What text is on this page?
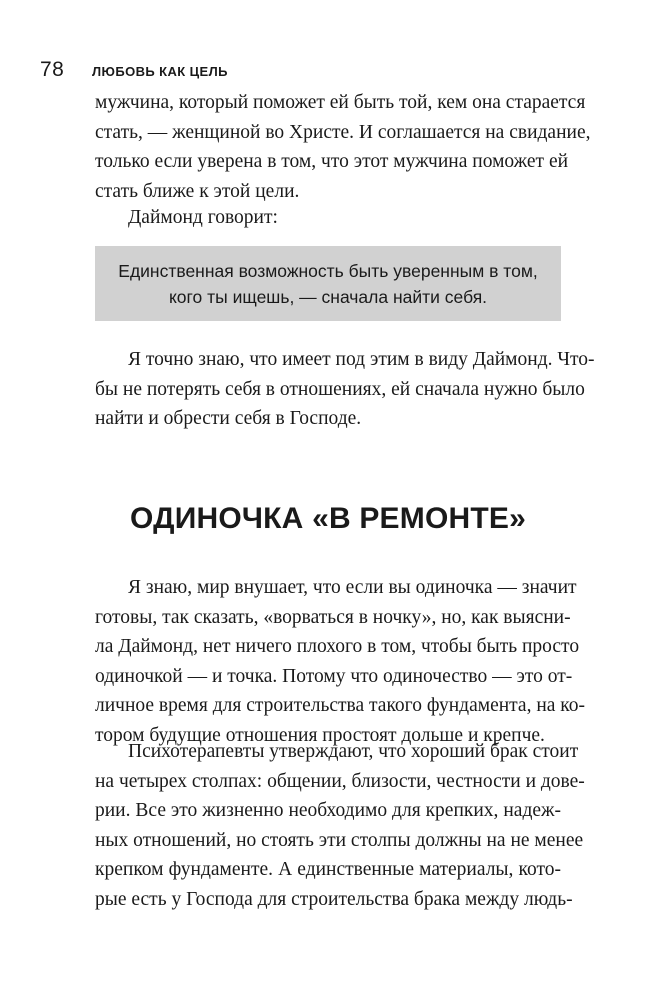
78	ЛЮБОВЬ КАК ЦЕЛЬ

мужчина, который поможет ей быть той, кем она старается
стать, — женщиной во Христе. И соглашается на свидание,
только если уверена в том, что этот мужчина поможет ей
стать ближе к этой цели.

Даймонд говорит:

Единственная возможность быть уверенным в том,
кого ты ищешь, — сначала найти себя.

Я точно знаю, что имеет под этим в виду Даймонд. Что-
бы не потерять себя в отношениях, ей сначала нужно было
найти и обрести себя в Господе.

ОДИНОЧКА «В РЕМОНТЕ»

Я знаю, мир внушает, что если вы одиночка — значит
готовы, так сказать, «ворваться в ночку», но, как выясни-
ла Даймонд, нет ничего плохого в том, чтобы быть просто
одиночкой — и точка. Потому что одиночество — это от-
личное время для строительства такого фундамента, на ко-
тором будущие отношения простоят дольше и крепче.

Психотерапевты утверждают, что хороший брак стоит
на четырех столпах: общении, близости, честности и дове-
рии. Все это жизненно необходимо для крепких, надеж-
ных отношений, но стоять эти столпы должны на не менее
крепком фундаменте. А единственные материалы, кото-
рые есть у Господа для строительства брака между людь-
